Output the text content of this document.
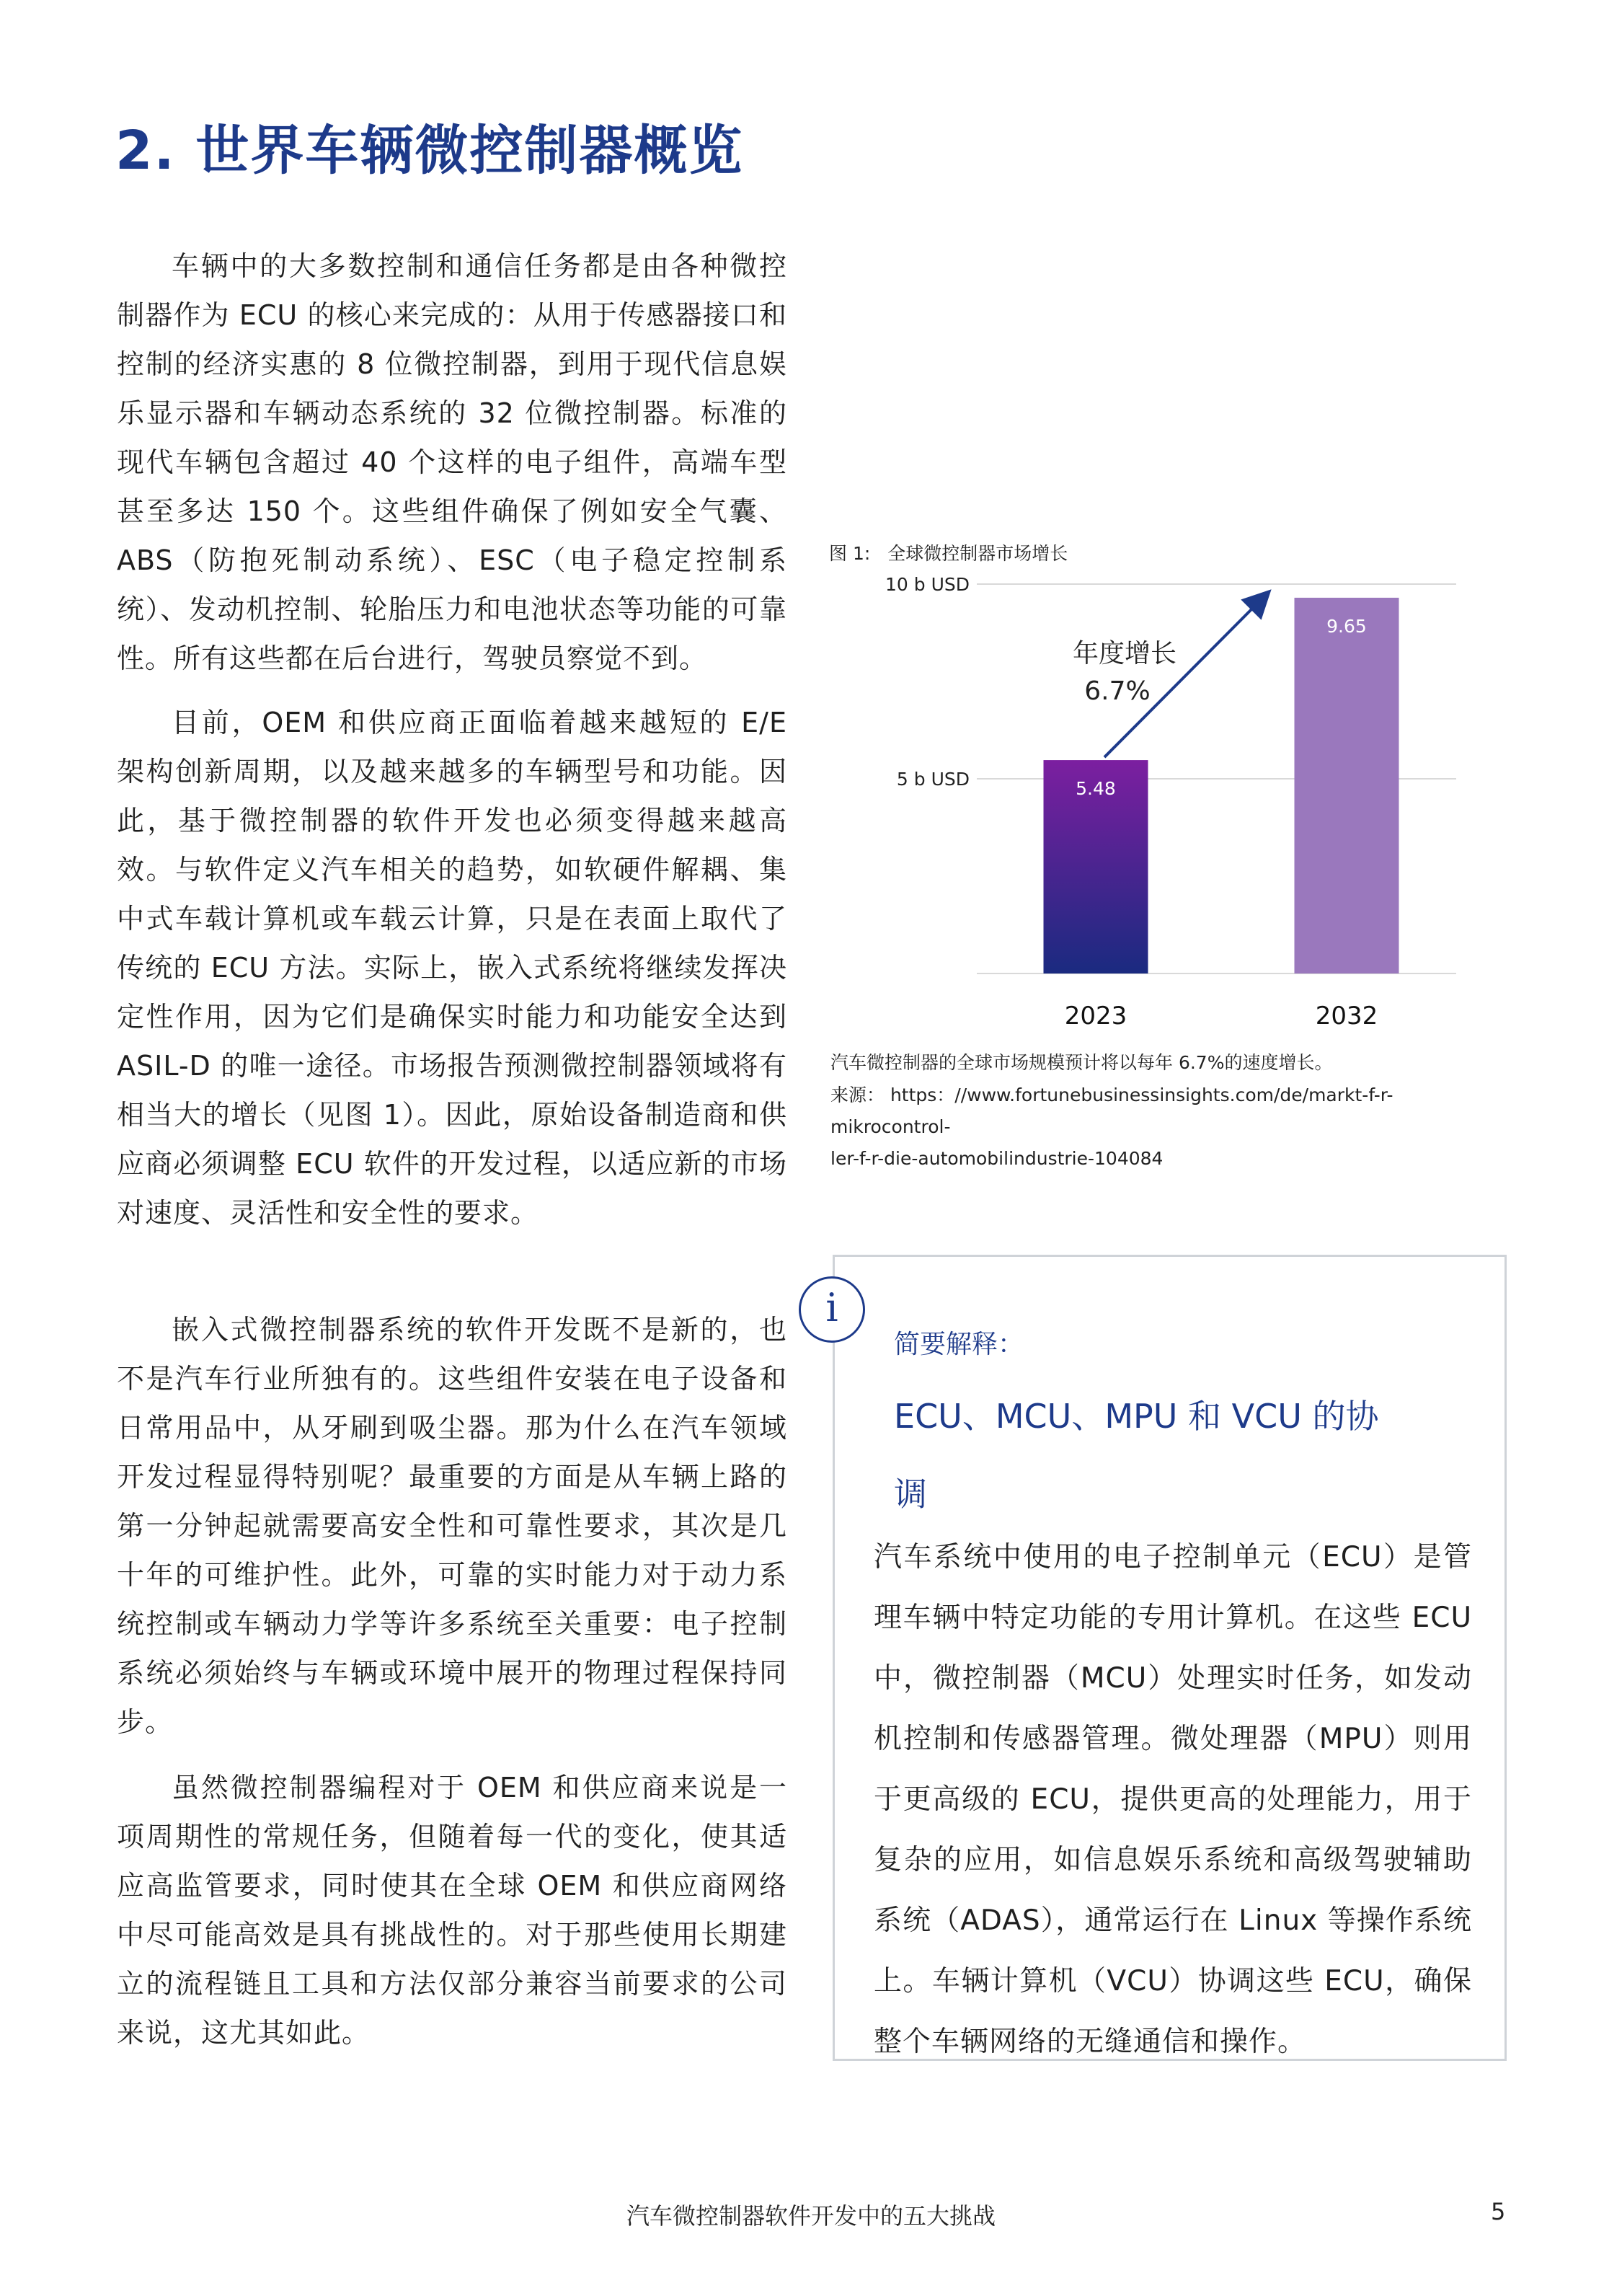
2. 世界车辆微控制器概览

车辆中的大多数控制和通信任务都是由各种微控制器作为 ECU 的核心来完成的：从用于传感器接口和控制的经济实惠的 8 位微控制器，到用于现代信息娱乐显示器和车辆动态系统的 32 位微控制器。标准的现代车辆包含超过 40 个这样的电子组件，高端车型甚至多达 150 个。这些组件确保了例如安全气囊、ABS（防抱死制动系统）、ESC（电子稳定控制系统）、发动机控制、轮胎压力和电池状态等功能的可靠性。所有这些都在后台进行，驾驶员察觉不到。

目前，OEM 和供应商正面临着越来越短的 E/E 架构创新周期，以及越来越多的车辆型号和功能。因此，基于微控制器的软件开发也必须变得越来越高效。与软件定义汽车相关的趋势，如软硬件解耦、集中式车载计算机或车载云计算，只是在表面上取代了传统的 ECU 方法。实际上，嵌入式系统将继续发挥决定性作用，因为它们是确保实时能力和功能安全达到 ASIL-D 的唯一途径。市场报告预测微控制器领域将有相当大的增长（见图 1）。因此，原始设备制造商和供应商必须调整 ECU 软件的开发过程，以适应新的市场对速度、灵活性和安全性的要求。

嵌入式微控制器系统的软件开发既不是新的，也不是汽车行业所独有的。这些组件安装在电子设备和日常用品中，从牙刷到吸尘器。那为什么在汽车领域开发过程显得特别呢？最重要的方面是从车辆上路的第一分钟起就需要高安全性和可靠性要求，其次是几十年的可维护性。此外，可靠的实时能力对于动力系统控制或车辆动力学等许多系统至关重要：电子控制系统必须始终与车辆或环境中展开的物理过程保持同步。

虽然微控制器编程对于 OEM 和供应商来说是一项周期性的常规任务，但随着每一代的变化，使其适应高监管要求，同时使其在全球 OEM 和供应商网络中尽可能高效是具有挑战性的。对于那些使用长期建立的流程链且工具和方法仅部分兼容当前要求的公司来说，这尤其如此。

图 1: 全球微控制器市场增长
10 b USD
5 b USD	5.48
2023
9.65
2032
年度增长
6.7%
汽车微控制器的全球市场规模预计将以每年 6.7%的速度增长。
来源： https：//www.fortunebusinessinsights.com/de/markt-f-r-mikrocontrol-
ler-f-r-die-automobilindustrie-104084
i
简要解释：
ECU、MCU、MPU 和 VCU 的协调

汽车系统中使用的电子控制单元（ECU）是管理车辆中特定功能的专用计算机。在这些 ECU 中，微控制器（MCU）处理实时任务，如发动机控制和传感器管理。微处理器（MPU）则用于更高级的 ECU，提供更高的处理能力，用于复杂的应用，如信息娱乐系统和高级驾驶辅助系统（ADAS），通常运行在 Linux 等操作系统上。车辆计算机（VCU）协调这些 ECU，确保整个车辆网络的无缝通信和操作。

汽车微控制器软件开发中的五大挑战	5
